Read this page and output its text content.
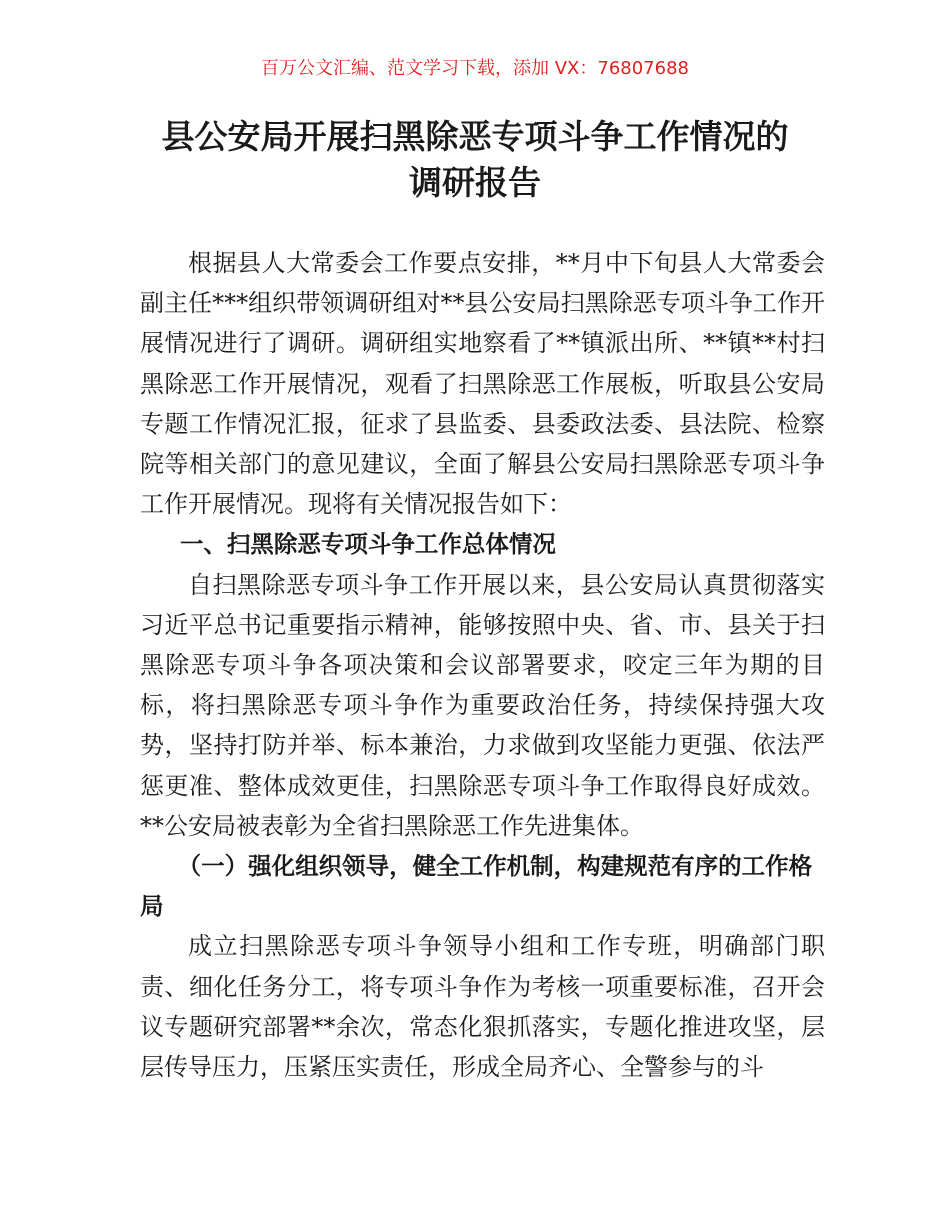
百万公文汇编、范文学习下载，添加 VX：76807688
县公安局开展扫黑除恶专项斗争工作情况的
调研报告

根据县人大常委会工作要点安排，**月中下旬县人大常委会副主任***组织带领调研组对**县公安局扫黑除恶专项斗争工作开展情况进行了调研。调研组实地察看了**镇派出所、**镇**村扫黑除恶工作开展情况，观看了扫黑除恶工作展板，听取县公安局专题工作情况汇报，征求了县监委、县委政法委、县法院、检察院等相关部门的意见建议，全面了解县公安局扫黑除恶专项斗争工作开展情况。现将有关情况报告如下：

一、扫黑除恶专项斗争工作总体情况

自扫黑除恶专项斗争工作开展以来，县公安局认真贯彻落实习近平总书记重要指示精神，能够按照中央、省、市、县关于扫黑除恶专项斗争各项决策和会议部署要求，咬定三年为期的目标，将扫黑除恶专项斗争作为重要政治任务，持续保持强大攻势，坚持打防并举、标本兼治，力求做到攻坚能力更强、依法严惩更准、整体成效更佳，扫黑除恶专项斗争工作取得良好成效。**公安局被表彰为全省扫黑除恶工作先进集体。

（一）强化组织领导，健全工作机制，构建规范有序的工作格局

成立扫黑除恶专项斗争领导小组和工作专班，明确部门职责、细化任务分工，将专项斗争作为考核一项重要标准，召开会议专题研究部署**余次，常态化狠抓落实，专题化推进攻坚，层层传导压力，压紧压实责任，形成全局齐心、全警参与的斗
